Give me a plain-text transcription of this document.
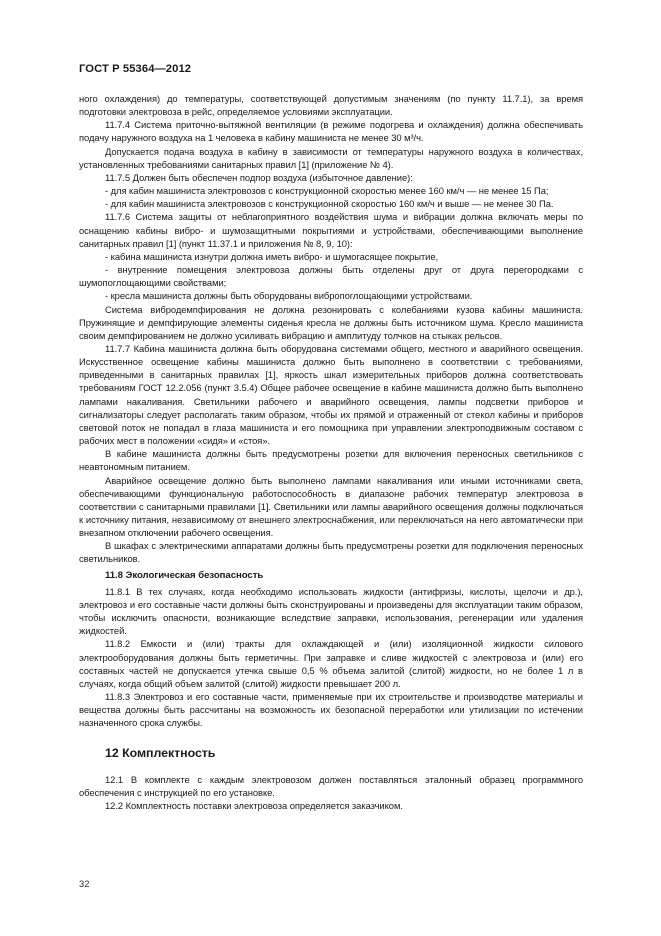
ГОСТ Р 55364—2012

ного охлаждения) до температуры, соответствующей допустимым значениям (по пункту 11.7.1), за время подготовки электровоза в рейс, определяемое условиями эксплуатации.

11.7.4 Система приточно-вытяжной вентиляции (в режиме подогрева и охлаждения) должна обеспечивать подачу наружного воздуха на 1 человека в кабину машиниста не менее 30 м³/ч.

Допускается подача воздуха в кабину в зависимости от температуры наружного воздуха в количествах, установленных требованиями санитарных правил [1] (приложение № 4).

11.7.5 Должен быть обеспечен подпор воздуха (избыточное давление):

- для кабин машиниста электровозов с конструкционной скоростью менее 160 км/ч — не менее 15 Па;

- для кабин машиниста электровозов с конструкционной скоростью 160 км/ч и выше — не менее 30 Па.

11.7.6 Система защиты от неблагоприятного воздействия шума и вибрации должна включать меры по оснащению кабины вибро- и шумозащитными покрытиями и устройствами, обеспечивающими выполнение санитарных правил [1] (пункт 11.37.1 и приложения № 8, 9, 10):

- кабина машиниста изнутри должна иметь вибро- и шумогасящее покрытие,

- внутренние помещения электровоза должны быть отделены друг от друга перегородками с шумопоглощающими свойствами;

- кресла машиниста должны быть оборудованы вибропоглощающими устройствами.

Система вибродемпфирования не должна резонировать с колебаниями кузова кабины машиниста. Пружинящие и демпфирующие элементы сиденья кресла не должны быть источником шума. Кресло машиниста своим демпфированием не должно усиливать вибрацию и амплитуду толчков на стыках рельсов.

11.7.7 Кабина машиниста должна быть оборудована системами общего, местного и аварийного освещения. Искусственное освещение кабины машиниста должно быть выполнено в соответствии с требованиями, приведенными в санитарных правилах [1], яркость шкал измерительных приборов должна соответствовать требованиям ГОСТ 12.2.056 (пункт 3.5.4) Общее рабочее освещение в кабине машиниста должно быть выполнено лампами накаливания. Светильники рабочего и аварийного освещения, лампы подсветки приборов и сигнализаторы следует располагать таким образом, чтобы их прямой и отраженный от стекол кабины и приборов световой поток не попадал в глаза машиниста и его помощника при управлении электроподвижным составом с рабочих мест в положении «сидя» и «стоя».

В кабине машиниста должны быть предусмотрены розетки для включения переносных светильников с неавтономным питанием.

Аварийное освещение должно быть выполнено лампами накаливания или иными источниками света, обеспечивающими функциональную работоспособность в диапазоне рабочих температур электровоза в соответствии с санитарными правилами [1]. Светильники или лампы аварийного освещения должны подключаться к источнику питания, независимому от внешнего электроснабжения, или переключаться на него автоматически при внезапном отключении рабочего освещения.

В шкафах с электрическими аппаратами должны быть предусмотрены розетки для подключения переносных светильников.

11.8 Экологическая безопасность

11.8.1 В тех случаях, когда необходимо использовать жидкости (антифризы, кислоты, щелочи и др.), электровоз и его составные части должны быть сконструированы и произведены для эксплуатации таким образом, чтобы исключить опасности, возникающие вследствие заправки, использования, регенерации или удаления жидкостей.

11.8.2 Емкости и (или) тракты для охлаждающей и (или) изоляционной жидкости силового электрооборудования должны быть герметичны. При заправке и сливе жидкостей с электровоза и (или) его составных частей не допускается утечка свыше 0,5 % объема залитой (слитой) жидкости, но не более 1 л в случаях, когда общий объем залитой (слитой) жидкости превышает 200 л.

11.8.3 Электровоз и его составные части, применяемые при их строительстве и производстве материалы и вещества должны быть рассчитаны на возможность их безопасной переработки или утилизации по истечении назначенного срока службы.

12 Комплектность

12.1 В комплекте с каждым электровозом должен поставляться эталонный образец программного обеспечения с инструкцией по его установке.

12.2 Комплектность поставки электровоза определяется заказчиком.

32
